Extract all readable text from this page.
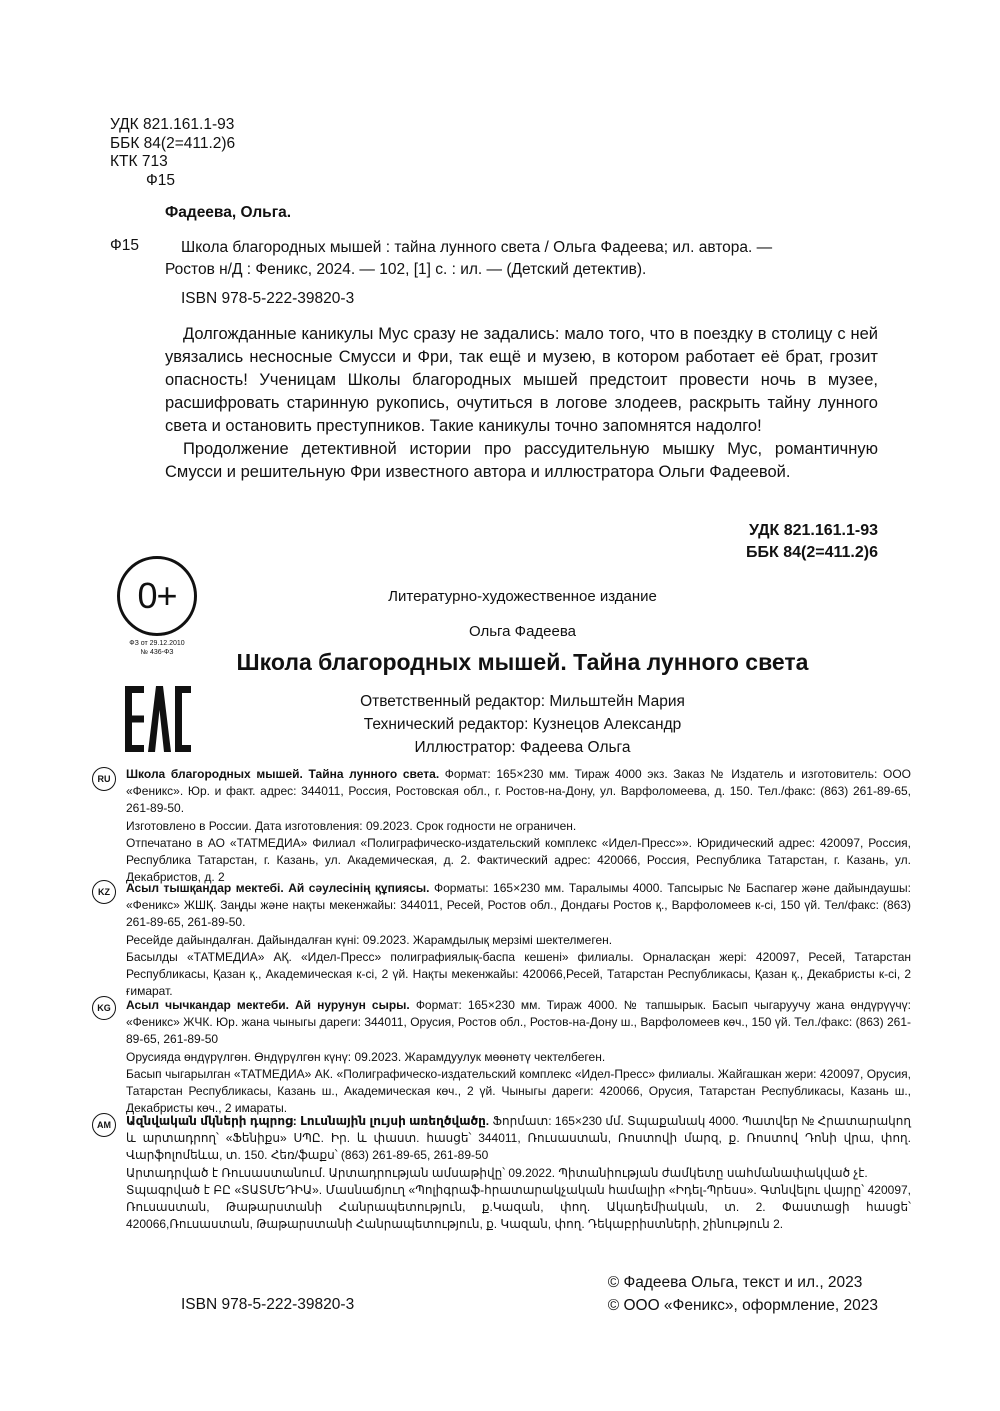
УДК 821.161.1-93
ББК 84(2=411.2)6
КТК 713
Ф15
Фадеева, Ольга.
Ф15	Школа благородных мышей : тайна лунного света / Ольга Фадеева; ил. автора. —
Ростов н/Д : Феникс, 2024. — 102, [1] с. : ил. — (Детский детектив).
ISBN 978-5-222-39820-3

Долгожданные каникулы Мус сразу не задались: мало того, что в поездку в столицу с ней увязались несносные Смусси и Фри, так ещё и музею, в котором работает её брат, грозит опасность! Ученицам Школы благородных мышей предстоит провести ночь в музее, расшифровать старинную рукопись, очутиться в логове злодеев, раскрыть тайну лунного света и остановить преступников. Такие каникулы точно запомнятся надолго!

Продолжение детективной истории про рассудительную мышку Мус, романтичную Смусси и решительную Фри известного автора и иллюстратора Ольги Фадеевой.

УДК 821.161.1-93
ББК 84(2=411.2)6
0+
ФЗ от 29.12.2010
№ 436-ФЗ
Литературно-художественное издание
Ольга Фадеева
Школа благородных мышей. Тайна лунного света
Ответственный редактор: Мильштейн Мария
Технический редактор: Кузнецов Александр
Иллюстратор: Фадеева Ольга
RU	Школа благородных мышей. Тайна лунного света. Формат: 165×230 мм. Тираж 4000 экз. Заказ № Издатель и изготовитель: ООО «Феникс». Юр. и факт. адрес: 344011, Россия, Ростовская обл., г. Ростов-на-Дону, ул. Варфоломеева, д. 150. Тел./факс: (863) 261-89-65, 261-89-50.

Изготовлено в России. Дата изготовления: 09.2023. Срок годности не ограничен.

Отпечатано в АО «ТАТМЕДИА» Филиал «Полиграфическо-издательский комплекс «Идел-Пресс»». Юридический адрес: 420097, Россия, Республика Татарстан, г. Казань, ул. Академическая, д. 2. Фактический адрес: 420066, Россия, Республика Татарстан, г. Казань, ул. Декабристов, д. 2

KZ	Асыл тышқандар мектебі. Ай сәулесінің құпиясы. Форматы: 165×230 мм. Таралымы 4000. Тапсырыс № Баспагер және дайындаушы: «Феникс» ЖШҚ. Заңды және нақты мекенжайы: 344011, Ресей, Ростов обл., Дондағы Ростов қ., Варфоломеев к-сі, 150 үй. Тел/факс: (863) 261-89-65, 261-89-50.

Ресейде дайындалған. Дайындалған күні: 09.2023. Жарамдылық мерзімі шектелмеген.

Басылды «ТАТМЕДИА» АҚ. «Идел-Пресс» полиграфиялық-баспа кешені» филиалы. Орналасқан жері: 420097, Ресей, Татарстан Республикасы, Қазан қ., Академическая к-сі, 2 үй. Нақты мекенжайы: 420066,Ресей, Татарстан Республикасы, Қазан қ., Декабристы к-сі, 2 ғимарат.

KG	Асыл чычкандар мектеби. Ай нурунун сыры. Формат: 165×230 мм. Тираж 4000. № тапшырык. Басып чыгаруучу жана өндүрүүчү: «Феникс» ЖЧК. Юр. жана чыныгы дареги: 344011, Орусия, Ростов обл., Ростов-на-Дону ш., Варфоломеев көч., 150 үй. Тел./факс: (863) 261-89-65, 261-89-50

Орусияда өндүрүлгөн. Өндүрүлгөн күнү: 09.2023. Жарамдуулук мөөнөтү чектелбеген.

Басып чыгарылган «ТАТМЕДИА» АК. «Полиграфическо-издательский комплекс «Идел-Пресс» филиалы. Жайгашкан жери: 420097, Орусия, Татарстан Республикасы, Казань ш., Академическая көч., 2 үй. Чыныгы дареги: 420066, Орусия, Татарстан Республикасы, Казань ш., Декабристы көч., 2 имараты.

AM	Ազնվական մկների դպրոց: Լուսնային լույսի առեղծվածը. Ֆորմատ: 165×230 մմ. Տպաքանակ 4000. Պատվեր № Հրատարակող և արտադրող՝ «Ֆենիքս» ՍՊԸ. Իր. և փաստ. հասցե՝ 344011, Ռուսաստան, Ռոստովի մարզ, ք. Ռոստով Դոնի վրա, փող. Վարֆոլոմեևա, տ. 150. Հեռ/ֆաքս՝ (863) 261-89-65, 261-89-50

Արտադրված է Ռուսաստանում. Արտադրության ամսաթիվը՝ 09.2022. Պիտանիության ժամկետը սահմանափակված չէ.

Տպագրված է ԲԸ «ՏԱՏՄԵԴԻԱ». Մասնաճյուղ «Պոլիգրաֆ-հրատարակչական համալիր «Իդել-Պրեսս». Գտնվելու վայրը՝ 420097, Ռուսաստան, Թաթարստանի Հանրապետություն, ք.Կազան, փող. Ակադեմիական, տ. 2. Փաստացի հասցե՝ 420066,Ռուսաստան, Թաթարստանի Հանրապետություն, ք. Կազան, փող. Դեկաբրիստների, շինություն 2.

ISBN 978-5-222-39820-3
© Фадеева Ольга, текст и ил., 2023
© ООО «Феникс», оформление, 2023
